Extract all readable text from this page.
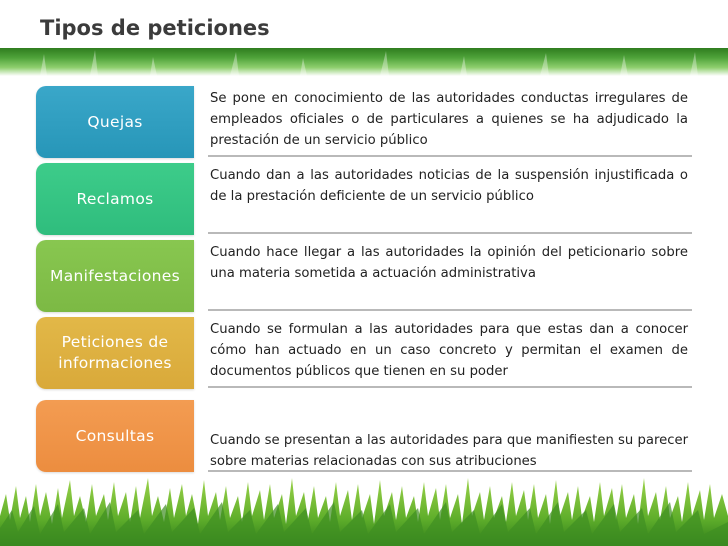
Tipos de peticiones
Quejas
Se pone en conocimiento de las autoridades conductas irregulares de empleados oficiales o de particulares a quienes se ha adjudicado la prestación de un servicio público
Reclamos
Cuando dan a las autoridades noticias de la suspensión injustificada o de la prestación deficiente de un servicio público
Manifestaciones
Cuando hace llegar a las autoridades la opinión del peticionario sobre una materia sometida a actuación administrativa
Peticiones de informaciones
Cuando se formulan a las autoridades para que estas dan a conocer cómo han actuado en un caso concreto y permitan el examen de documentos públicos que tienen en su poder
Consultas	Cuando se presentan a las autoridades para que manifiesten su parecer sobre materias relacionadas con sus atribuciones
